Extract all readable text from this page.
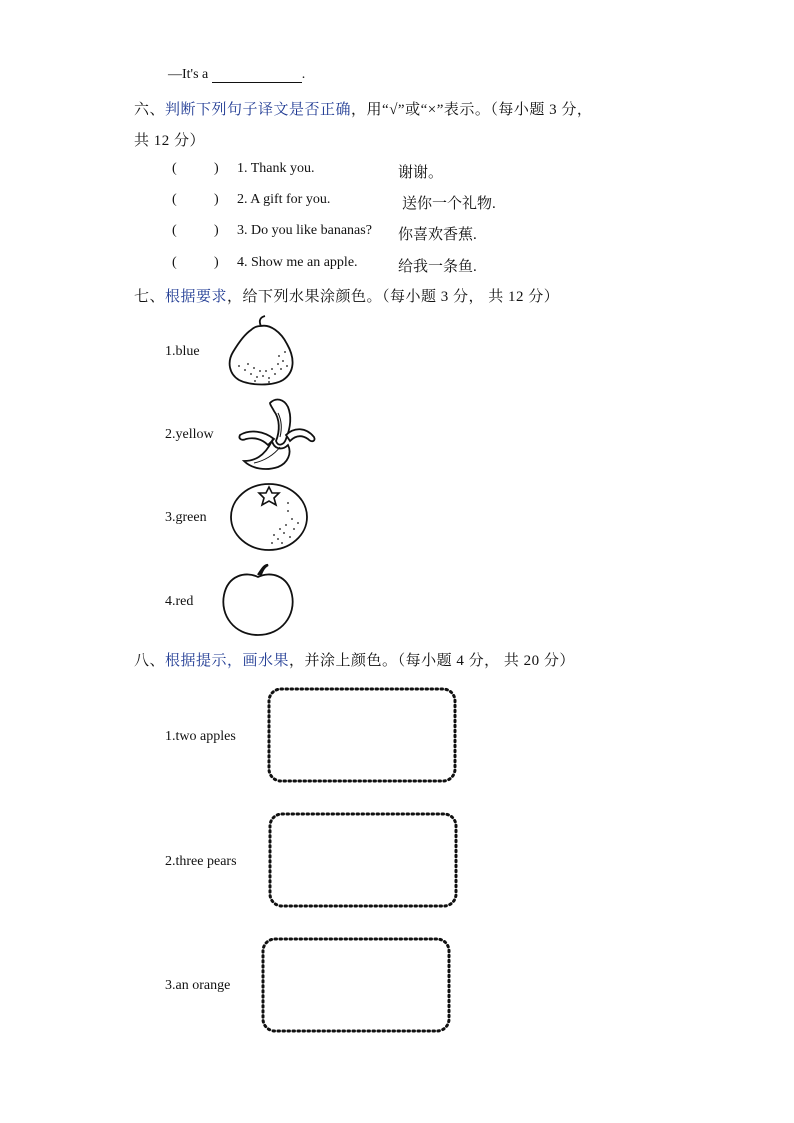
—It's a	.
六、判断下列句子译文是否正确，用“√”或“×”表示。（每小题 3 分，
共 12 分）
(	) 1. Thank you.	谢谢。
(	) 2. A gift for you.	送你一个礼物.
(	) 3. Do you like bananas? 你喜欢香蕉.
(	) 4. Show me an apple.	给我一条鱼.
七、根据要求，给下列水果涂颜色。（每小题 3 分， 共 12 分）
1.blue
2.yellow
3.green
4.red
八、根据提示，画水果，并涂上颜色。（每小题 4 分， 共 20 分）
1.two apples
2.three pears
3.an orange
